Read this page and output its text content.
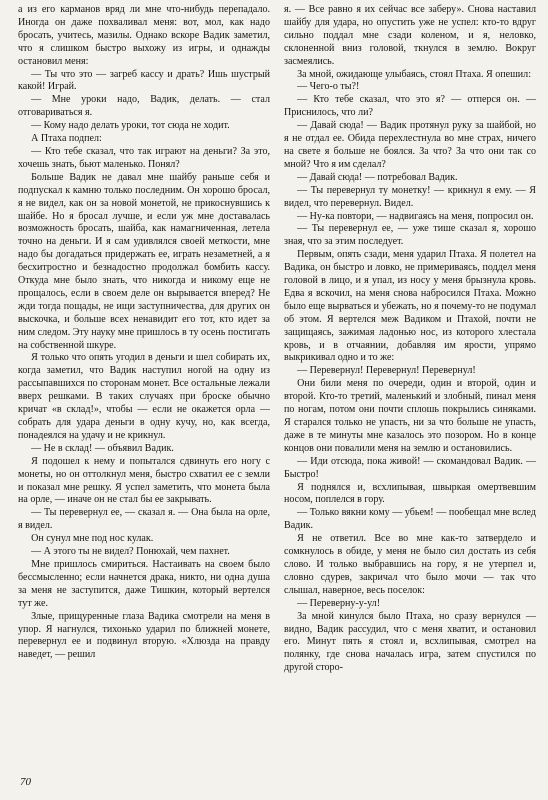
а из его карманов вряд ли мне что-нибудь перепадало. Иногда он даже похваливал меня: вот, мол, как надо бросать, учитесь, мазилы. Однако вскоре Вадик заметил, что я слишком быстро выхожу из игры, и однажды остановил меня:

— Ты что это — загреб кассу и драть? Ишь шустрый какой! Играй.

— Мне уроки надо, Вадик, делать. — стал отговариваться я.

— Кому надо делать уроки, тот сюда не ходит.

А Птаха подпел:

— Кто тебе сказал, что так играют на деньги? За это, хочешь знать, бьют маленько. Понял?

Больше Вадик не давал мне шайбу раньше себя и подпускал к камню только последним. Он хорошо бросал, я не видел, как он за новой монетой, не прикоснувшись к шайбе. Но я бросал лучше, и если уж мне доставалась возможность бросать, шайба, как намагниченная, летела точно на деньги. И я сам удивлялся своей меткости, мне надо бы догадаться придержать ее, играть незаметней, а я бесхитростно и безнадостно продолжал бомбить кассу. Откуда мне было знать, что никогда и никому еще не прощалось, если в своем деле он вырывается вперед? Не жди тогда пощады, не ищи заступничества, для других он выскочка, и больше всех ненавидит его тот, кто идет за ним следом. Эту науку мне пришлось в ту осень постигать на собственной шкуре.

Я только что опять угодил в деньги и шел собирать их, когда заметил, что Вадик наступил ногой на одну из рассыпавшихся по сторонам монет. Все остальные лежали вверх решками. В таких случаях при броске обычно кричат «в склад!», чтобы — если не окажется орла — собрать для удара деньги в одну кучу, но, как всегда, понадеялся на удачу и не крикнул.

— Не в склад! — объявил Вадик.

Я подошел к нему и попытался сдвинуть его ногу с монеты, но он оттолкнул меня, быстро схватил ее с земли и показал мне решку. Я успел заметить, что монета была на орле, — иначе он не стал бы ее закрывать.

— Ты перевернул ее, — сказал я. — Она была на орле, я видел.

Он сунул мне под нос кулак.

— А этого ты не видел? Понюхай, чем пахнет.

Мне пришлось смириться. Настаивать на своем было бессмысленно; если начнется драка, никто, ни одна душа за меня не заступится, даже Тишкин, который вертелся тут же.

Злые, прищуренные глаза Вадика смотрели на меня в упор. Я нагнулся, тихонько ударил по ближней монете, перевернул ее и подвинул вторую. «Хлюзда на правду наведет, — решил

я. — Все равно я их сейчас все заберу». Снова наставил шайбу для удара, но опустить уже не успел: кто-то вдруг сильно поддал мне сзади коленом, и я, неловко, склоненной вниз головой, ткнулся в землю. Вокруг засмеялись.

За мной, ожидающе улыбаясь, стоял Птаха. Я опешил:

— Чего-о ты?!

— Кто тебе сказал, что это я? — отперся он. — Приснилось, что ли?

— Давай сюда! — Вадик протянул руку за шайбой, но я не отдал ее. Обида перехлестнула во мне страх, ничего на свете я больше не боялся. За что? За что они так со мной? Что я им сделал?

— Давай сюда! — потребовал Вадик.

— Ты перевернул ту монетку! — крикнул я ему. — Я видел, что перевернул. Видел.

— Ну-ка повтори, — надвигаясь на меня, попросил он.

— Ты перевернул ее, — уже тише сказал я, хорошо зная, что за этим последует.

Первым, опять сзади, меня ударил Птаха. Я полетел на Вадика, он быстро и ловко, не примериваясь, поддел меня головой в лицо, и я упал, из носу у меня брызнула кровь. Едва я вскочил, на меня снова набросился Птаха. Можно было еще вырваться и убежать, но я почему-то не подумал об этом. Я вертелся меж Вадиком и Птахой, почти не защищаясь, зажимая ладонью нос, из которого хлестала кровь, и в отчаянии, добавляя им ярости, упрямо выкрикивал одно и то же:

— Перевернул! Перевернул! Перевернул!

Они били меня по очереди, один и второй, один и второй. Кто-то третий, маленький и злобный, пинал меня по ногам, потом они почти сплошь покрылись синяками. Я старался только не упасть, ни за что больше не упасть, даже в те минуты мне казалось это позором. Но в конце концов они повалили меня на землю и остановились.

— Иди отсюда, пока живой! — скомандовал Вадик. — Быстро!

Я поднялся и, всхлипывая, швыркая омертвевшим носом, поплелся в гору.

— Только вякни кому — убьем! — пообещал мне вслед Вадик.

Я не ответил. Все во мне как-то затвердело и сомкнулось в обиде, у меня не было сил достать из себя слово. И только выбравшись на гору, я не утерпел и, словно сдурев, закричал что было мочи — так что слышал, наверное, весь поселок:

— Переверну-у-ул!

За мной кинулся было Птаха, но сразу вернулся — видно, Вадик рассудил, что с меня хватит, и остановил его. Минут пять я стоял и, всхлипывая, смотрел на полянку, где снова началась игра, затем спустился по другой сторо-

70
